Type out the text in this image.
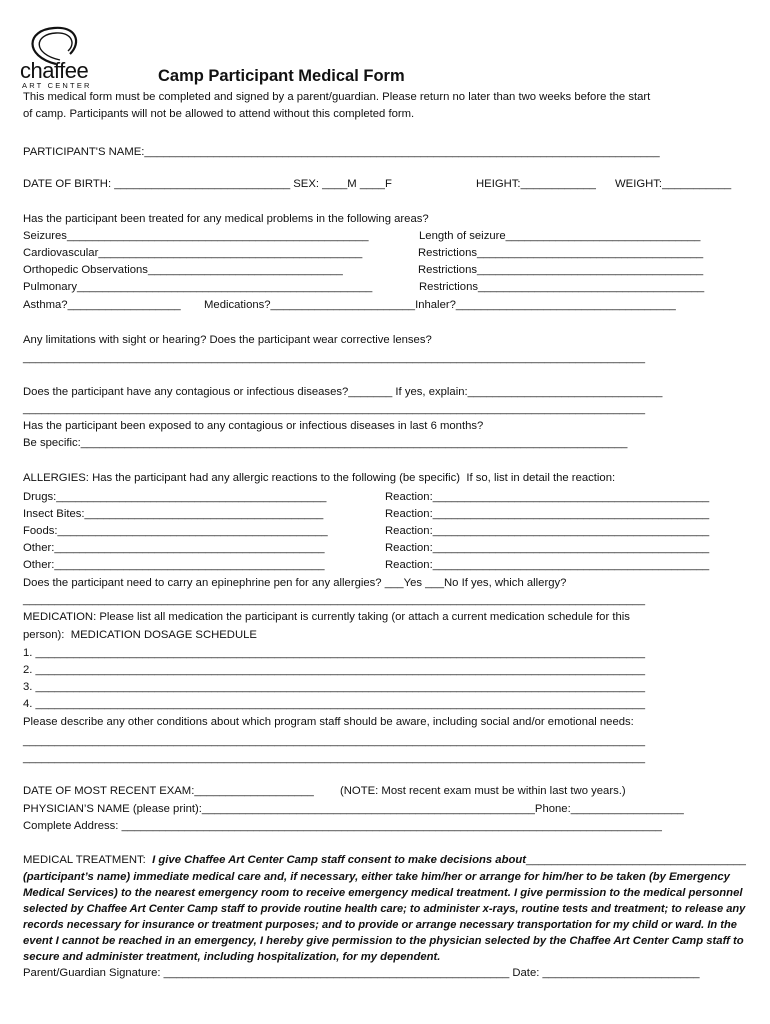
chaffee
ART CENTER
Camp Participant Medical Form

This medical form must be completed and signed by a parent/guardian. Please return no later than two weeks before the start

of camp. Participants will not be allowed to attend without this completed form.

PARTICIPANT'S NAME:__________________________________________________________________________________

DATE OF BIRTH: ____________________________ SEX: ____M ____F	HEIGHT:____________ WEIGHT:___________

Has the participant been treated for any medical problems in the following areas?

Seizures________________________________________________	Length of seizure_______________________________

Cardiovascular__________________________________________	Restrictions____________________________________

Orthopedic Observations_______________________________	Restrictions____________________________________

Pulmonary_______________________________________________	Restrictions____________________________________

Asthma?__________________ Medications?_______________________Inhaler?___________________________________

Any limitations with sight or hearing? Does the participant wear corrective lenses?

___________________________________________________________________________________________________

Does the participant have any contagious or infectious diseases?_______ If yes, explain:_______________________________

___________________________________________________________________________________________________

Has the participant been exposed to any contagious or infectious diseases in last 6 months?

Be specific:_______________________________________________________________________________________

ALLERGIES: Has the participant had any allergic reactions to the following (be specific)  If so, list in detail the reaction:

Drugs:___________________________________________	Reaction:____________________________________________

Insect Bites:______________________________________	Reaction:____________________________________________

Foods:___________________________________________	Reaction:____________________________________________

Other:___________________________________________	Reaction:____________________________________________

Other:___________________________________________	Reaction:____________________________________________

Does the participant need to carry an epinephrine pen for any allergies? ___Yes ___No If yes, which allergy?

___________________________________________________________________________________________________

MEDICATION: Please list all medication the participant is currently taking (or attach a current medication schedule for this

person):  MEDICATION DOSAGE SCHEDULE

1. _________________________________________________________________________________________________

2. _________________________________________________________________________________________________

3. _________________________________________________________________________________________________

4. _________________________________________________________________________________________________

Please describe any other conditions about which program staff should be aware, including social and/or emotional needs:

___________________________________________________________________________________________________

___________________________________________________________________________________________________

DATE OF MOST RECENT EXAM:___________________ (NOTE: Most recent exam must be within last two years.)

PHYSICIAN’S NAME (please print):_____________________________________________________Phone:__________________

Complete Address: ______________________________________________________________________________________

MEDICAL TREATMENT: I give Chaffee Art Center Camp staff consent to make decisions about___________________________________

(participant’s name) immediate medical care and, if necessary, either take him/her or arrange for him/her to be taken (by Emergency

Medical Services) to the nearest emergency room to receive emergency medical treatment. I give permission to the medical personnel

selected by Chaffee Art Center Camp staff to provide routine health care; to administer x-rays, routine tests and treatment; to release any

records necessary for insurance or treatment purposes; and to provide or arrange necessary transportation for my child or ward. In the

event I cannot be reached in an emergency, I hereby give permission to the physician selected by the Chaffee Art Center Camp staff to

secure and administer treatment, including hospitalization, for my dependent.

Parent/Guardian Signature: _______________________________________________________ Date: _________________________
